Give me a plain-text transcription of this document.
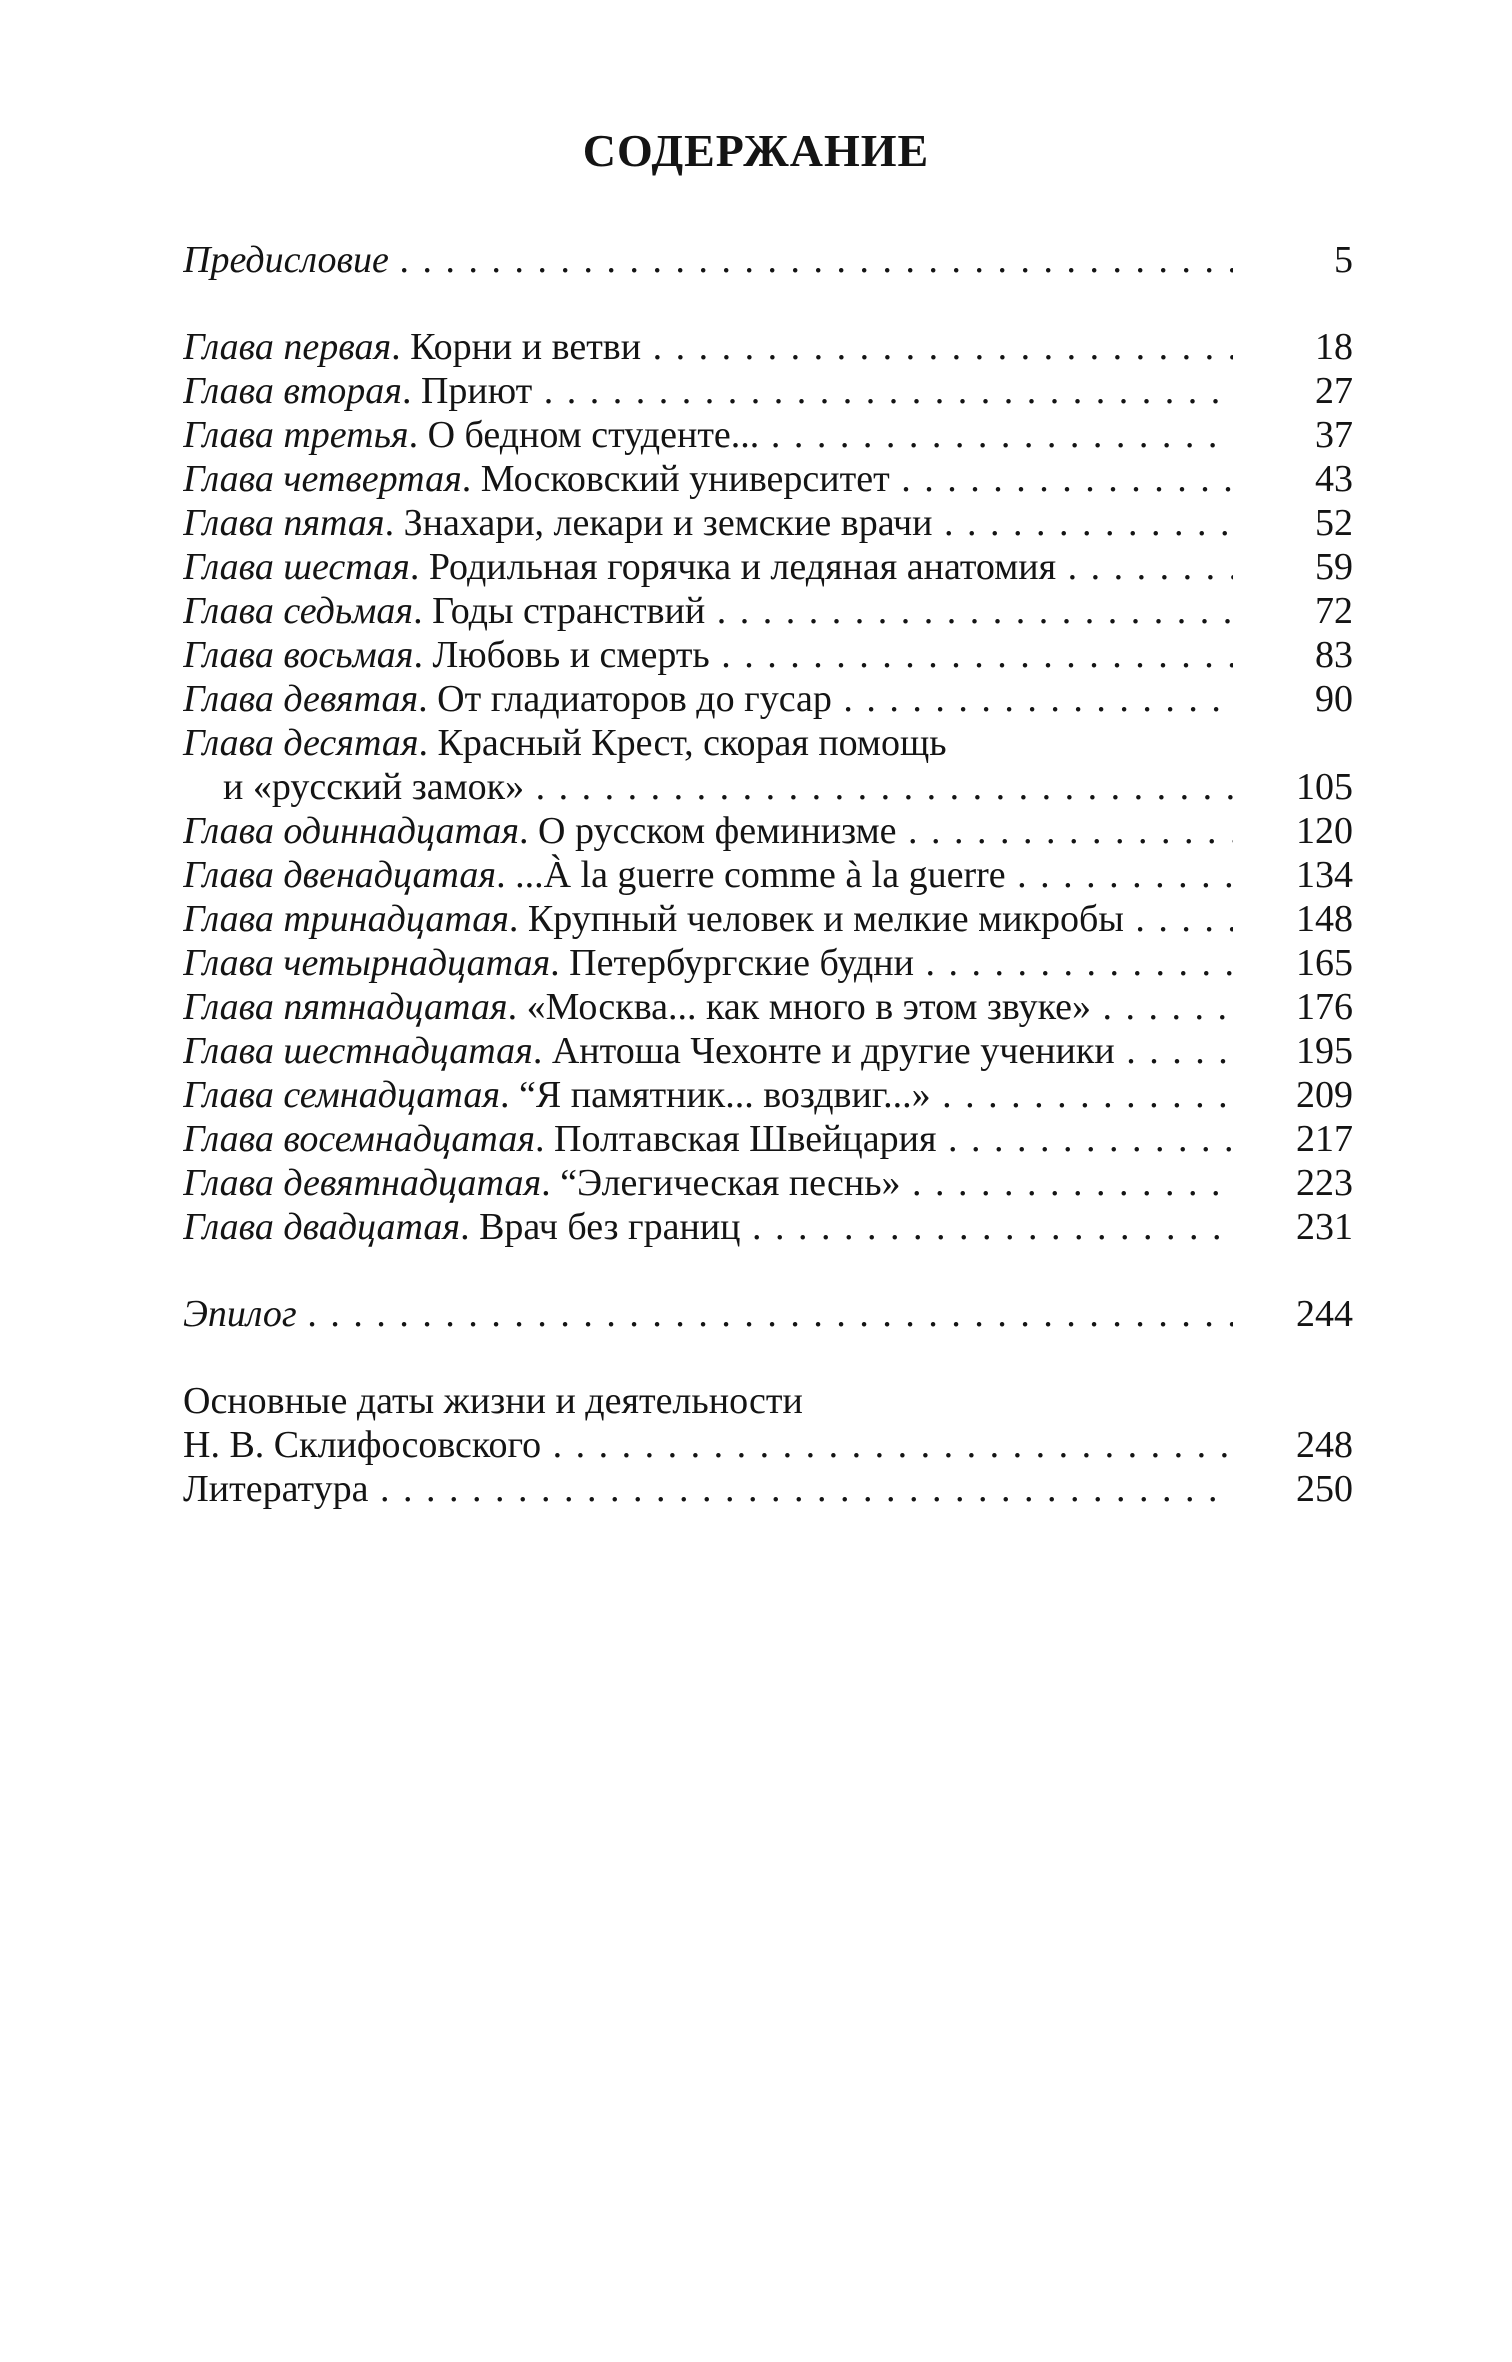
СОДЕРЖАНИЕ
Предисловие . . .	5
Глава первая. Корни и ветви . . .	18
Глава вторая. Приют . . .	27
Глава третья. О бедном студенте... . . .	37
Глава четвертая. Московский университет . . .	43
Глава пятая. Знахари, лекари и земские врачи . . .	52
Глава шестая. Родильная горячка и ледяная анатомия . . .	59
Глава седьмая. Годы странствий . . .	72
Глава восьмая. Любовь и смерть . . .	83
Глава девятая. От гладиаторов до гусар . . .	90
Глава десятая. Красный Крест, скорая помощь
и «русский замок» . . .	105
Глава одиннадцатая. О русском феминизме . . .	120
Глава двенадцатая. ...À la guerre comme à la guerre . . .	134
Глава тринадцатая. Крупный человек и мелкие микробы . . .	148
Глава четырнадцатая. Петербургские будни . . .	165
Глава пятнадцатая. «Москва... как много в этом звуке» . . .	176
Глава шестнадцатая. Антоша Чехонте и другие ученики . . .	195
Глава семнадцатая. “Я памятник... воздвиг...» . . .	209
Глава восемнадцатая. Полтавская Швейцария . . .	217
Глава девятнадцатая. “Элегическая песнь» . . .	223
Глава двадцатая. Врач без границ . . .	231
Эпилог . . .	244
Основные даты жизни и деятельности
Н. В. Склифосовского . . .	248
Литература . . .	250
